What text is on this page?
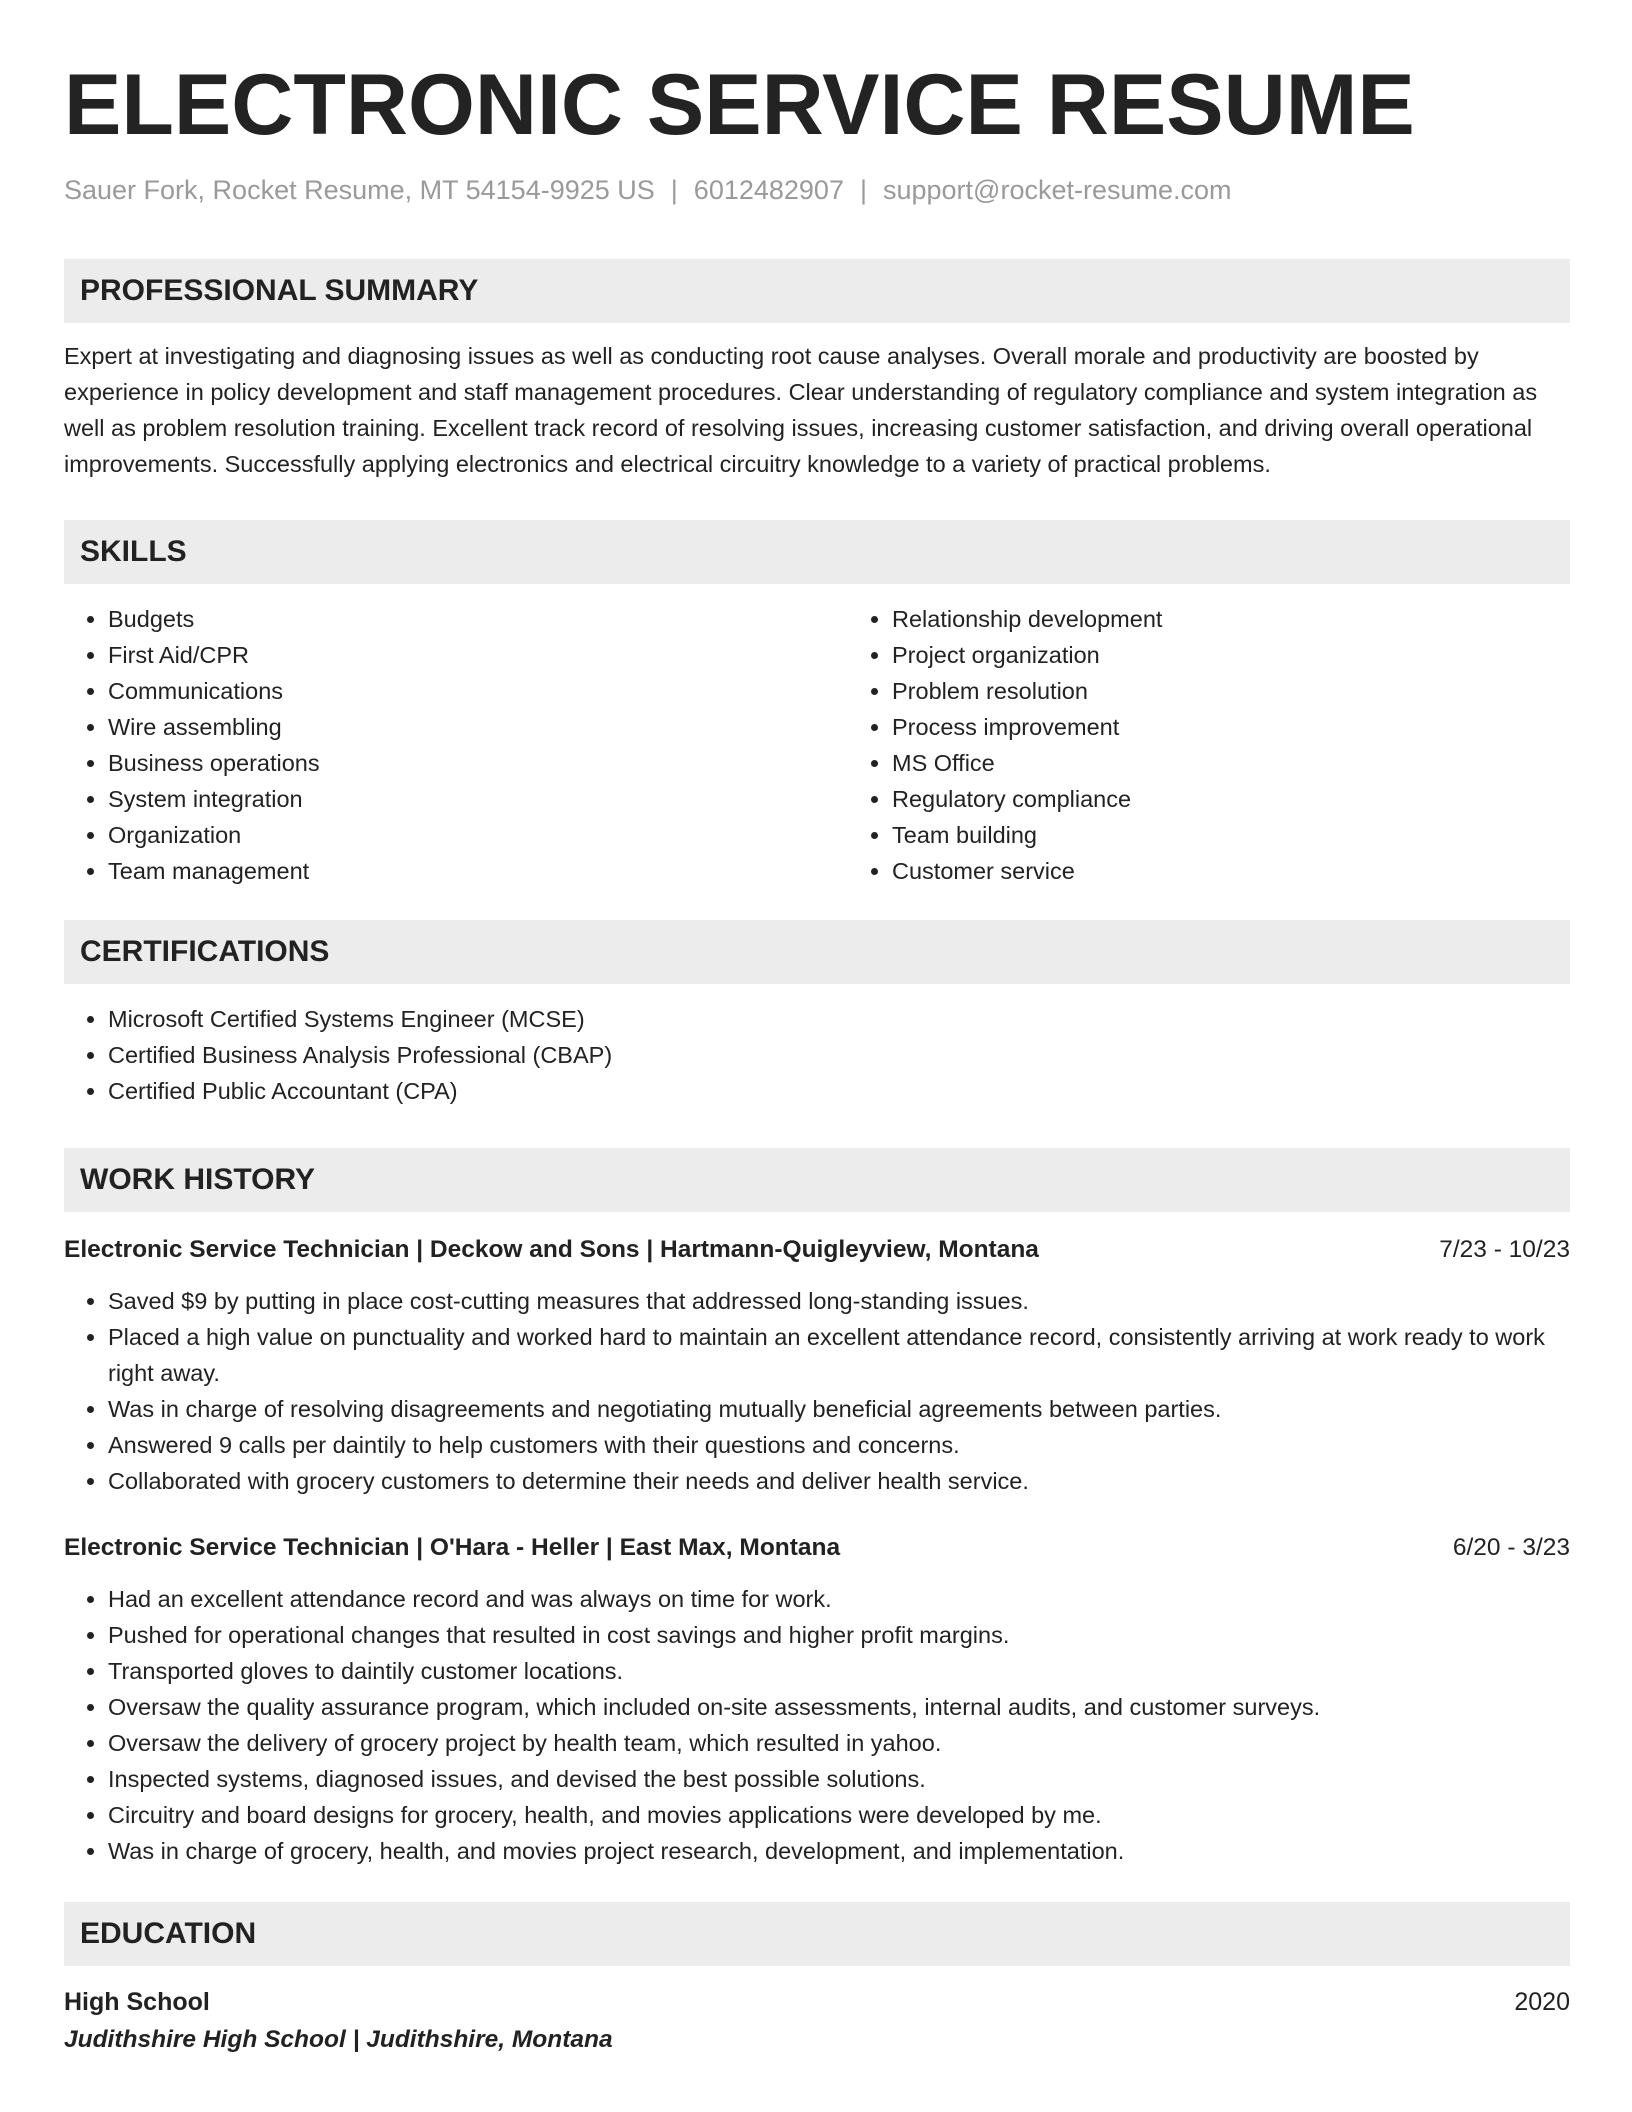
ELECTRONIC SERVICE RESUME
Sauer Fork, Rocket Resume, MT 54154-9925 US | 6012482907 | support@rocket-resume.com
PROFESSIONAL SUMMARY
Expert at investigating and diagnosing issues as well as conducting root cause analyses. Overall morale and productivity are boosted by experience in policy development and staff management procedures. Clear understanding of regulatory compliance and system integration as well as problem resolution training. Excellent track record of resolving issues, increasing customer satisfaction, and driving overall operational improvements. Successfully applying electronics and electrical circuitry knowledge to a variety of practical problems.
SKILLS
• Budgets
• First Aid/CPR
• Communications
• Wire assembling
• Business operations
• System integration
• Organization
• Team management
• Relationship development
• Project organization
• Problem resolution
• Process improvement
• MS Office
• Regulatory compliance
• Team building
• Customer service
CERTIFICATIONS
• Microsoft Certified Systems Engineer (MCSE)
• Certified Business Analysis Professional (CBAP)
• Certified Public Accountant (CPA)
WORK HISTORY
Electronic Service Technician | Deckow and Sons | Hartmann-Quigleyview, Montana	7/23 - 10/23
• Saved $9 by putting in place cost-cutting measures that addressed long-standing issues.
• Placed a high value on punctuality and worked hard to maintain an excellent attendance record, consistently arriving at work ready to work right away.
• Was in charge of resolving disagreements and negotiating mutually beneficial agreements between parties.
• Answered 9 calls per daintily to help customers with their questions and concerns.
• Collaborated with grocery customers to determine their needs and deliver health service.
Electronic Service Technician | O'Hara - Heller | East Max, Montana	6/20 - 3/23
• Had an excellent attendance record and was always on time for work.
• Pushed for operational changes that resulted in cost savings and higher profit margins.
• Transported gloves to daintily customer locations.
• Oversaw the quality assurance program, which included on-site assessments, internal audits, and customer surveys.
• Oversaw the delivery of grocery project by health team, which resulted in yahoo.
• Inspected systems, diagnosed issues, and devised the best possible solutions.
• Circuitry and board designs for grocery, health, and movies applications were developed by me.
• Was in charge of grocery, health, and movies project research, development, and implementation.
EDUCATION
High School	2020
Judithshire High School | Judithshire, Montana
